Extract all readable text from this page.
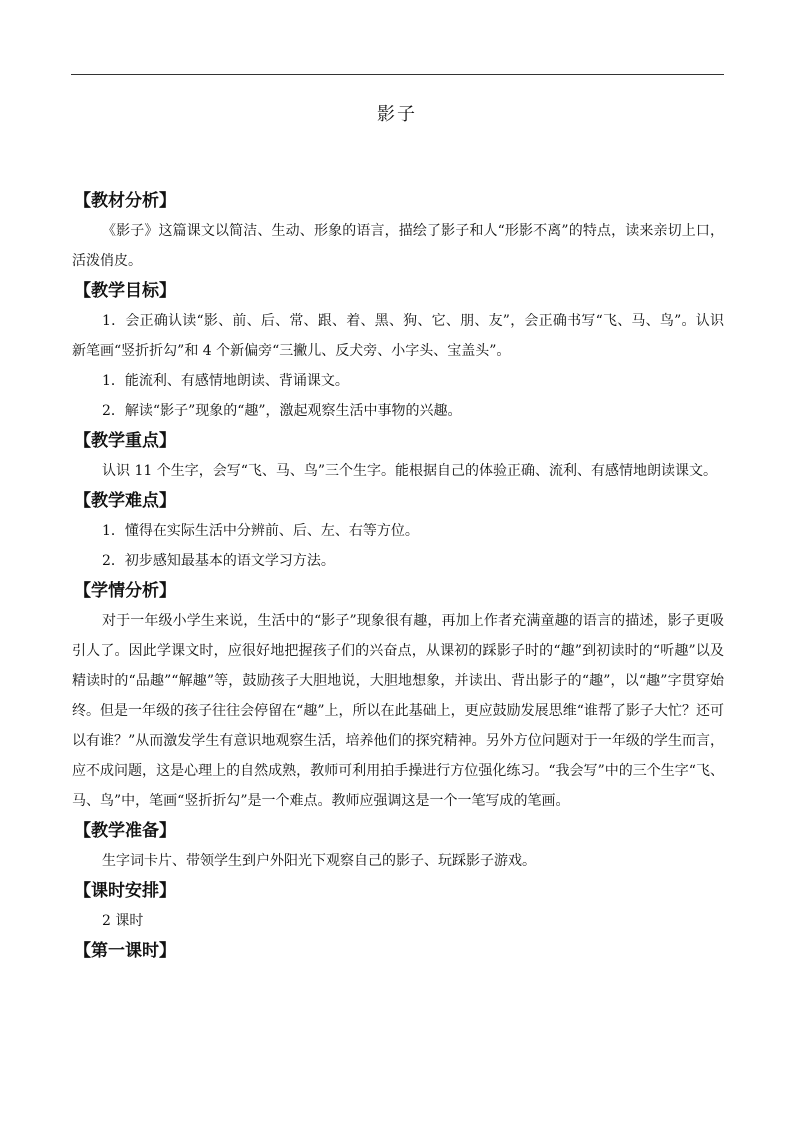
影子
【教材分析】

《影子》这篇课文以简洁、生动、形象的语言，描绘了影子和人“形影不离”的特点，读来亲切上口，活泼俏皮。

【教学目标】

1．会正确认读“影、前、后、常、跟、着、黑、狗、它、朋、友”，会正确书写“飞、马、鸟”。认识新笔画“竖折折勾”和 4 个新偏旁“三撇儿、反犬旁、小字头、宝盖头”。

1．能流利、有感情地朗读、背诵课文。

2．解读“影子”现象的“趣”，激起观察生活中事物的兴趣。

【教学重点】

认识 11 个生字，会写“飞、马、鸟”三个生字。能根据自己的体验正确、流利、有感情地朗读课文。

【教学难点】

1．懂得在实际生活中分辨前、后、左、右等方位。

2．初步感知最基本的语文学习方法。

【学情分析】

对于一年级小学生来说，生活中的“影子”现象很有趣，再加上作者充满童趣的语言的描述，影子更吸引人了。因此学课文时，应很好地把握孩子们的兴奋点，从课初的踩影子时的“趣”到初读时的“听趣”以及精读时的“品趣”“解趣”等，鼓励孩子大胆地说，大胆地想象，并读出、背出影子的“趣”，以“趣”字贯穿始终。但是一年级的孩子往往会停留在“趣”上，所以在此基础上，更应鼓励发展思维“谁帮了影子大忙？还可以有谁？”从而激发学生有意识地观察生活，培养他们的探究精神。另外方位问题对于一年级的学生而言，应不成问题，这是心理上的自然成熟，教师可利用拍手操进行方位强化练习。“我会写”中的三个生字“飞、马、鸟”中，笔画“竖折折勾”是一个难点。教师应强调这是一个一笔写成的笔画。

【教学准备】

生字词卡片、带领学生到户外阳光下观察自己的影子、玩踩影子游戏。

【课时安排】

2 课时

【第一课时】
